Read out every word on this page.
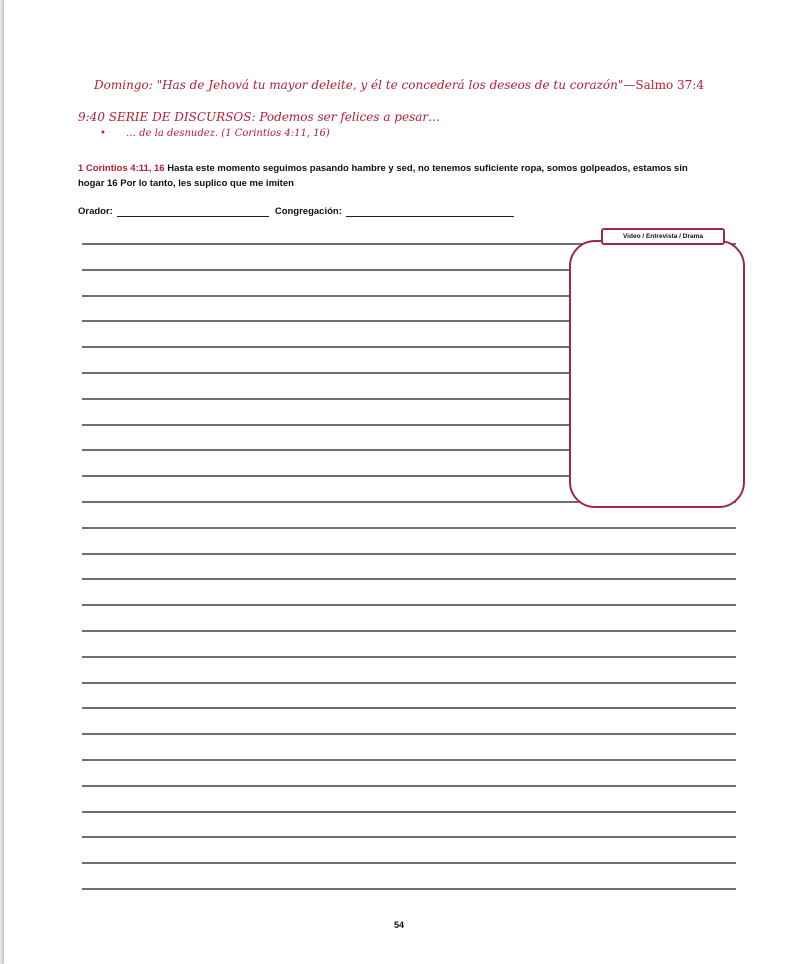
Domingo: "Has de Jehová tu mayor deleite, y él te concederá los deseos de tu corazón"—Salmo 37:4
9:40 SERIE DE DISCURSOS: Podemos ser felices a pesar…
• … de la desnudez. (1 Corintios 4:11, 16)
1 Corintios 4:11, 16 Hasta este momento seguimos pasando hambre y sed, no tenemos suficiente ropa, somos golpeados, estamos sin hogar 16 Por lo tanto, les suplico que me imiten
Orador:	Congregación:
Video / Entrevista / Drama
54
